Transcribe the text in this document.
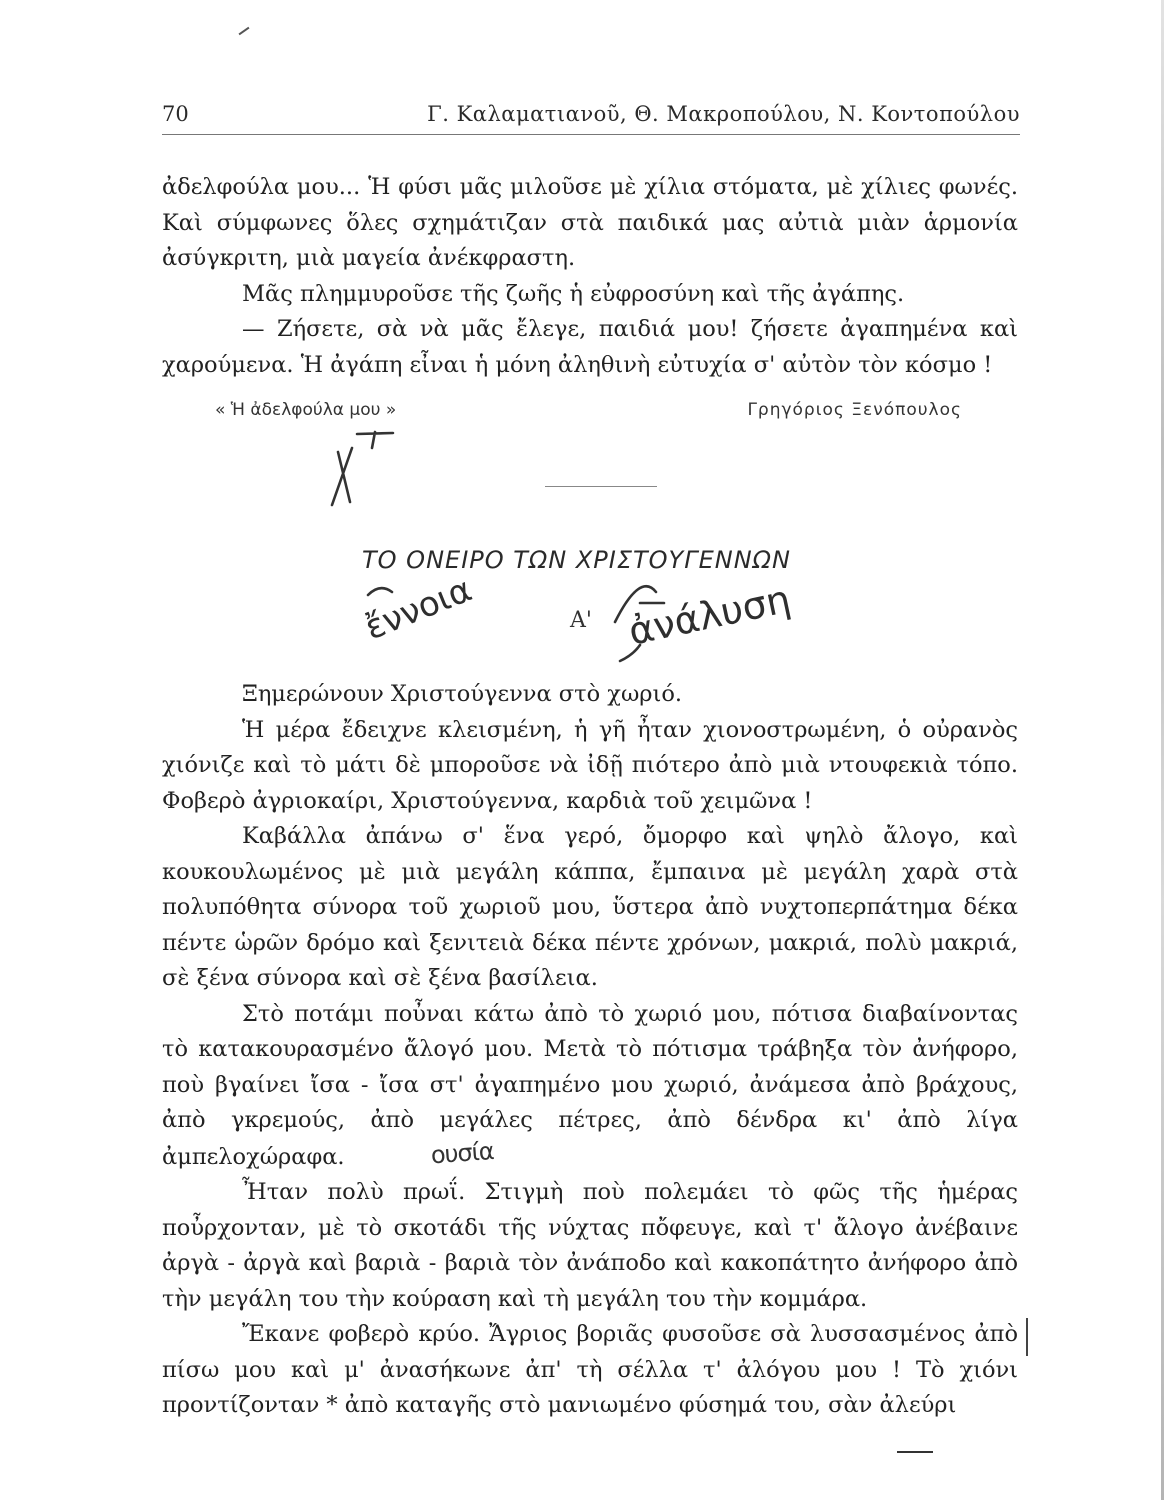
70	Γ. Καλαματιανοῦ, Θ. Μακροπούλου, Ν. Κοντοπούλου

ἀδελφούλα μου... Ἡ φύσι μᾶς μιλοῦσε μὲ χίλια στόματα, μὲ χίλιες φωνές. Καὶ σύμφωνες ὅλες σχημάτιζαν στὰ παιδικά μας αὐτιὰ μιὰν ἁρμονία ἀσύγκριτη, μιὰ μαγεία ἀνέκφραστη.

Μᾶς πλημμυροῦσε τῆς ζωῆς ἡ εὐφροσύνη καὶ τῆς ἀγάπης.

— Ζήσετε, σὰ νὰ μᾶς ἔλεγε, παιδιά μου! ζήσετε ἀγαπημένα καὶ χαρούμενα. Ἡ ἀγάπη εἶναι ἡ μόνη ἀληθινὴ εὐτυχία σ' αὐτὸν τὸν κόσμο !

« Ἡ ἀδελφούλα μου »	Γρηγόριος Ξενόπουλος
ΤΟ ΟΝΕΙΡΟ ΤΩΝ ΧΡΙΣΤΟΥΓΕΝΝΩΝ
Α'
ἔννοια	ἀνάλυση
ΧΤ

Ξημερώνουν Χριστούγεννα στὸ χωριό.

Ἡ μέρα ἔδειχνε κλεισμένη, ἡ γῆ ἦταν χιονοστρωμένη, ὁ οὐρανὸς χιόνιζε καὶ τὸ μάτι δὲ μποροῦσε νὰ ἰδῇ πιότερο ἀπὸ μιὰ ντουφεκιὰ τόπο. Φοβερὸ ἀγριοκαίρι, Χριστούγεννα, καρδιὰ τοῦ χειμῶνα !

Καβάλλα ἀπάνω σ' ἕνα γερό, ὄμορφο καὶ ψηλὸ ἄλογο, καὶ κουκουλωμένος μὲ μιὰ μεγάλη κάππα, ἔμπαινα μὲ μεγάλη χαρὰ στὰ πολυπόθητα σύνορα τοῦ χωριοῦ μου, ὕστερα ἀπὸ νυχτοπερπάτημα δέκα πέντε ὡρῶν δρόμο καὶ ξενιτειὰ δέκα πέντε χρόνων, μακριά, πολὺ μακριά, σὲ ξένα σύνορα καὶ σὲ ξένα βασίλεια.

Στὸ ποτάμι ποὖναι κάτω ἀπὸ τὸ χωριό μου, πότισα διαβαίνοντας τὸ κατακουρασμένο ἄλογό μου. Μετὰ τὸ πότισμα τράβηξα τὸν ἀνήφορο, ποὺ βγαίνει ἴσα - ἴσα στ' ἀγαπημένο μου χωριό, ἀνάμεσα ἀπὸ βράχους, ἀπὸ γκρεμούς, ἀπὸ μεγάλες πέτρες, ἀπὸ δένδρα κι' ἀπὸ λίγα ἀμπελοχώραφα.	ουσία

Ἦταν πολὺ πρωΐ. Στιγμὴ ποὺ πολεμάει τὸ φῶς τῆς ἡμέρας ποὖρχονταν, μὲ τὸ σκοτάδι τῆς νύχτας πὄφευγε, καὶ τ' ἄλογο ἀνέβαινε ἀργὰ - ἀργὰ καὶ βαριὰ - βαριὰ τὸν ἀνάποδο καὶ κακοπάτητο ἀνήφορο ἀπὸ τὴν μεγάλη του τὴν κούραση καὶ τὴ μεγάλη του τὴν κομμάρα.

Ἔκανε φοβερὸ κρύο. Ἄγριος βοριᾶς φυσοῦσε σὰ λυσσασμένος ἀπὸ πίσω μου καὶ μ' ἀνασήκωνε ἀπ' τὴ σέλλα τ' ἀλόγου μου ! Τὸ χιόνι προντίζονταν * ἀπὸ καταγῆς στὸ μανιωμένο φύσημά του, σὰν ἀλεύρι
